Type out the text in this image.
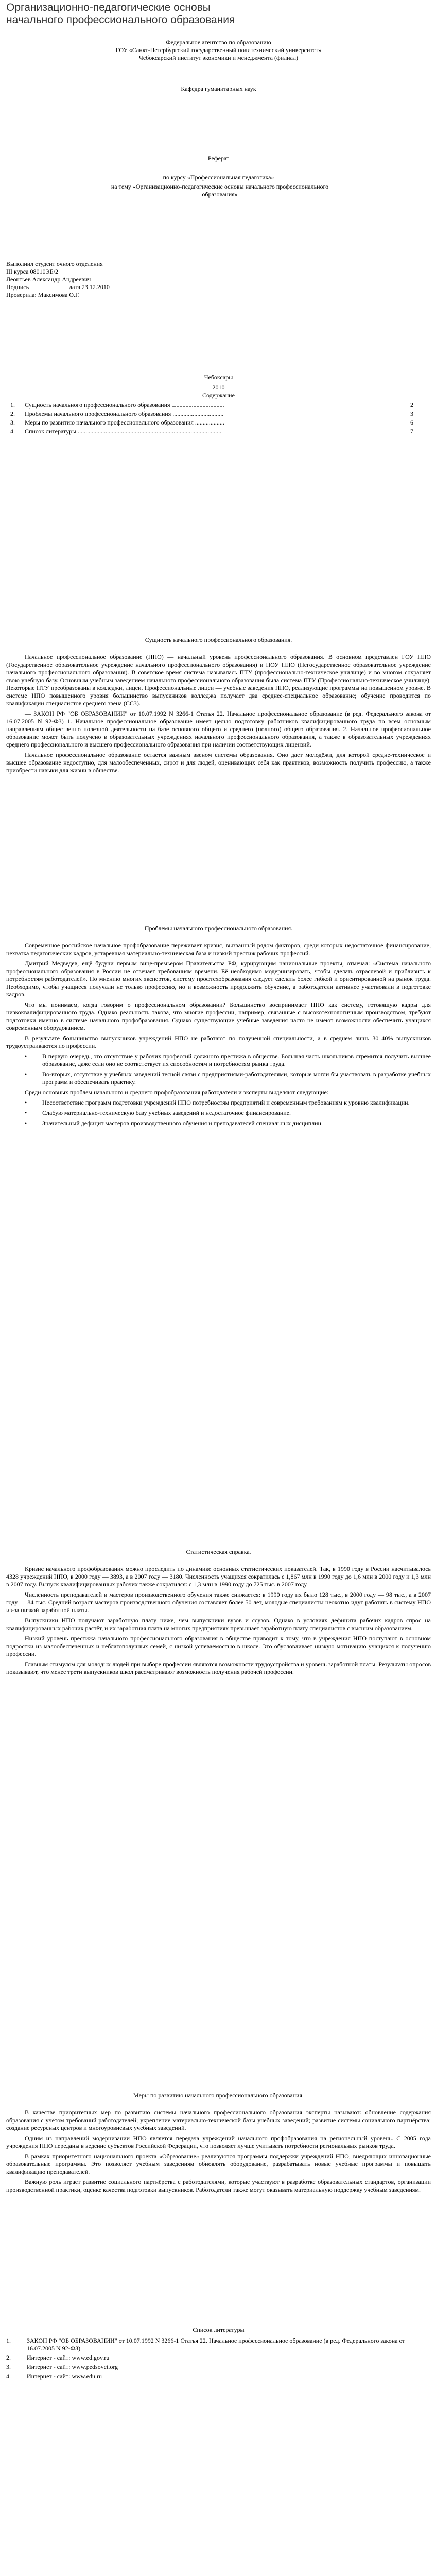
Организационно-педагогические основы начального профессионального образования
Федеральное агентство по образованию
ГОУ «Санкт-Петербургский государственный политехнический университет»
Чебоксарский институт экономики и менеджмента (филиал)
Кафедра гуманитарных наук
Реферат
по курсу «Профессиональная педагогика»
на тему «Организационно-педагогические основы начального профессионального образования»
Выполнил студент очного отделения
III курса 08010ЭЕ/2
Леонтьев Александр Андреевич
Подпись ____________ дата 23.12.2010
Проверила: Максимова О.Г.
Чебоксары
2010
Содержание
1.	Сущность начального профессионального образования ..................................	2
2.	Проблемы начального профессионального образования .................................	3
3.	Меры по развитию начального профессионального образования ...................	6
4.	Список литературы .............................................................................................	7
Сущность начального профессионального образования.

Начальное профессиональное образование (НПО) — начальный уровень профессионального образования. В основном представлен ГОУ НПО (Государственное образовательное учреждение начального профессионального образования) и НОУ НПО (Негосударственное образовательное учреждение начального профессионального образования). В советское время система называлась ПТУ (профессионально-техническое училище) и во многом сохраняет свою учебную базу. Основным учебным заведением начального профессионального образования была система ПТУ (Профессионально-техническое училище). Некоторые ПТУ преобразованы в колледжи, лицеи. Профессиональные лицеи — учебные заведения НПО, реализующие программы на повышенном уровне. В системе НПО повышенного уровня большинство выпускников колледжа получает два среднее-специальное образование; обучение проводится по квалификации специалистов среднего звена (ССЗ).

— ЗАКОН РФ "ОБ ОБРАЗОВАНИИ" от 10.07.1992 N 3266-1 Статья 22. Начальное профессиональное образование (в ред. Федерального закона от 16.07.2005 N 92-ФЗ) 1. Начальное профессиональное образование имеет целью подготовку работников квалифицированного труда по всем основным направлениям общественно полезной деятельности на базе основного общего и среднего (полного) общего образования. 2. Начальное профессиональное образование может быть получено в образовательных учреждениях начального профессионального образования, а также в образовательных учреждениях среднего профессионального и высшего профессионального образования при наличии соответствующих лицензий.

Начальное профессиональное образование остается важным звеном системы образования. Оно дает молодёжи, для которой средне-техническое и высшее образование недоступно, для малообеспеченных, сирот и для людей, оценивающих себя как практиков, возможность получить профессию, а также приобрести навыки для жизни в обществе.

Проблемы начального профессионального образования.

Современное российское начальное профобразование переживает кризис, вызванный рядом факторов, среди которых недостаточное финансирование, нехватка педагогических кадров, устаревшая материально-техническая база и низкий престиж рабочих профессий.

Дмитрий Медведев, ещё будучи первым вице-премьером Правительства РФ, курирующим национальные проекты, отмечал: «Система начального профессионального образования в России не отвечает требованиям времени. Её необходимо модернизировать, чтобы сделать отраслевой и приблизить к потребностям работодателей». По мнению многих экспертов, систему профтехобразования следует сделать более гибкой и ориентированной на рынок труда. Необходимо, чтобы учащиеся получали не только профессию, но и возможность продолжить обучение, а работодатели активнее участвовали в подготовке кадров.

Что мы понимаем, когда говорим о профессиональном образовании? Большинство воспринимает НПО как систему, готовящую кадры для низкоквалифицированного труда. Однако реальность такова, что многие профессии, например, связанные с высокотехнологичным производством, требуют подготовки именно в системе начального профобразования. Однако существующие учебные заведения часто не имеют возможности обеспечить учащихся современным оборудованием.

В результате большинство выпускников учреждений НПО не работают по полученной специальности, а в среднем лишь 30–40% выпускников трудоустраиваются по профессии.

•	В первую очередь, это отсутствие у рабочих профессий должного престижа в обществе. Большая часть школьников стремится получить высшее образование, даже если оно не соответствует их способностям и потребностям рынка труда.
•	Во-вторых, отсутствие у учебных заведений тесной связи с предприятиями-работодателями, которые могли бы участвовать в разработке учебных программ и обеспечивать практику.

Среди основных проблем начального и среднего профобразования работодатели и эксперты выделяют следующие:

•	Несоответствие программ подготовки учреждений НПО потребностям предприятий и современным требованиям к уровню квалификации.
•	Слабую материально-техническую базу учебных заведений и недостаточное финансирование.
•	Значительный дефицит мастеров производственного обучения и преподавателей специальных дисциплин.
Статистическая справка.

Кризис начального профобразования можно проследить по динамике основных статистических показателей. Так, в 1990 году в России насчитывалось 4328 учреждений НПО, в 2000 году — 3893, а в 2007 году — 3180. Численность учащихся сократилась с 1,867 млн в 1990 году до 1,6 млн в 2000 году и 1,3 млн в 2007 году. Выпуск квалифицированных рабочих также сократился: с 1,3 млн в 1990 году до 725 тыс. в 2007 году.

Численность преподавателей и мастеров производственного обучения также снижается: в 1990 году их было 128 тыс., в 2000 году — 98 тыс., а в 2007 году — 84 тыс. Средний возраст мастеров производственного обучения составляет более 50 лет, молодые специалисты неохотно идут работать в систему НПО из-за низкой заработной платы.

Выпускники НПО получают заработную плату ниже, чем выпускники вузов и ссузов. Однако в условиях дефицита рабочих кадров спрос на квалифицированных рабочих растёт, и их заработная плата на многих предприятиях превышает заработную плату специалистов с высшим образованием.

Низкий уровень престижа начального профессионального образования в обществе приводит к тому, что в учреждения НПО поступают в основном подростки из малообеспеченных и неблагополучных семей, с низкой успеваемостью в школе. Это обусловливает низкую мотивацию учащихся к получению профессии.

Главным стимулом для молодых людей при выборе профессии являются возможности трудоустройства и уровень заработной платы. Результаты опросов показывают, что менее трети выпускников школ рассматривают возможность получения рабочей профессии.

Меры по развитию начального профессионального образования.

В качестве приоритетных мер по развитию системы начального профессионального образования эксперты называют: обновление содержания образования с учётом требований работодателей; укрепление материально-технической базы учебных заведений; развитие системы социального партнёрства; создание ресурсных центров и многоуровневых учебных заведений.

Одним из направлений модернизации НПО является передача учреждений начального профобразования на региональный уровень. С 2005 года учреждения НПО переданы в ведение субъектов Российской Федерации, что позволяет лучше учитывать потребности региональных рынков труда.

В рамках приоритетного национального проекта «Образование» реализуются программы поддержки учреждений НПО, внедряющих инновационные образовательные программы. Это позволяет учебным заведениям обновлять оборудование, разрабатывать новые учебные программы и повышать квалификацию преподавателей.

Важную роль играет развитие социального партнёрства с работодателями, которые участвуют в разработке образовательных стандартов, организации производственной практики, оценке качества подготовки выпускников. Работодатели также могут оказывать материальную поддержку учебным заведениям.

Список литературы
1.	ЗАКОН РФ "ОБ ОБРАЗОВАНИИ" от 10.07.1992 N 3266-1 Статья 22. Начальное профессиональное образование (в ред. Федерального закона от 16.07.2005 N 92-ФЗ)
2.	Интернет - сайт: www.ed.gov.ru
3.	Интернет - сайт: www.pedsovet.org
4.	Интернет - сайт: www.edu.ru
